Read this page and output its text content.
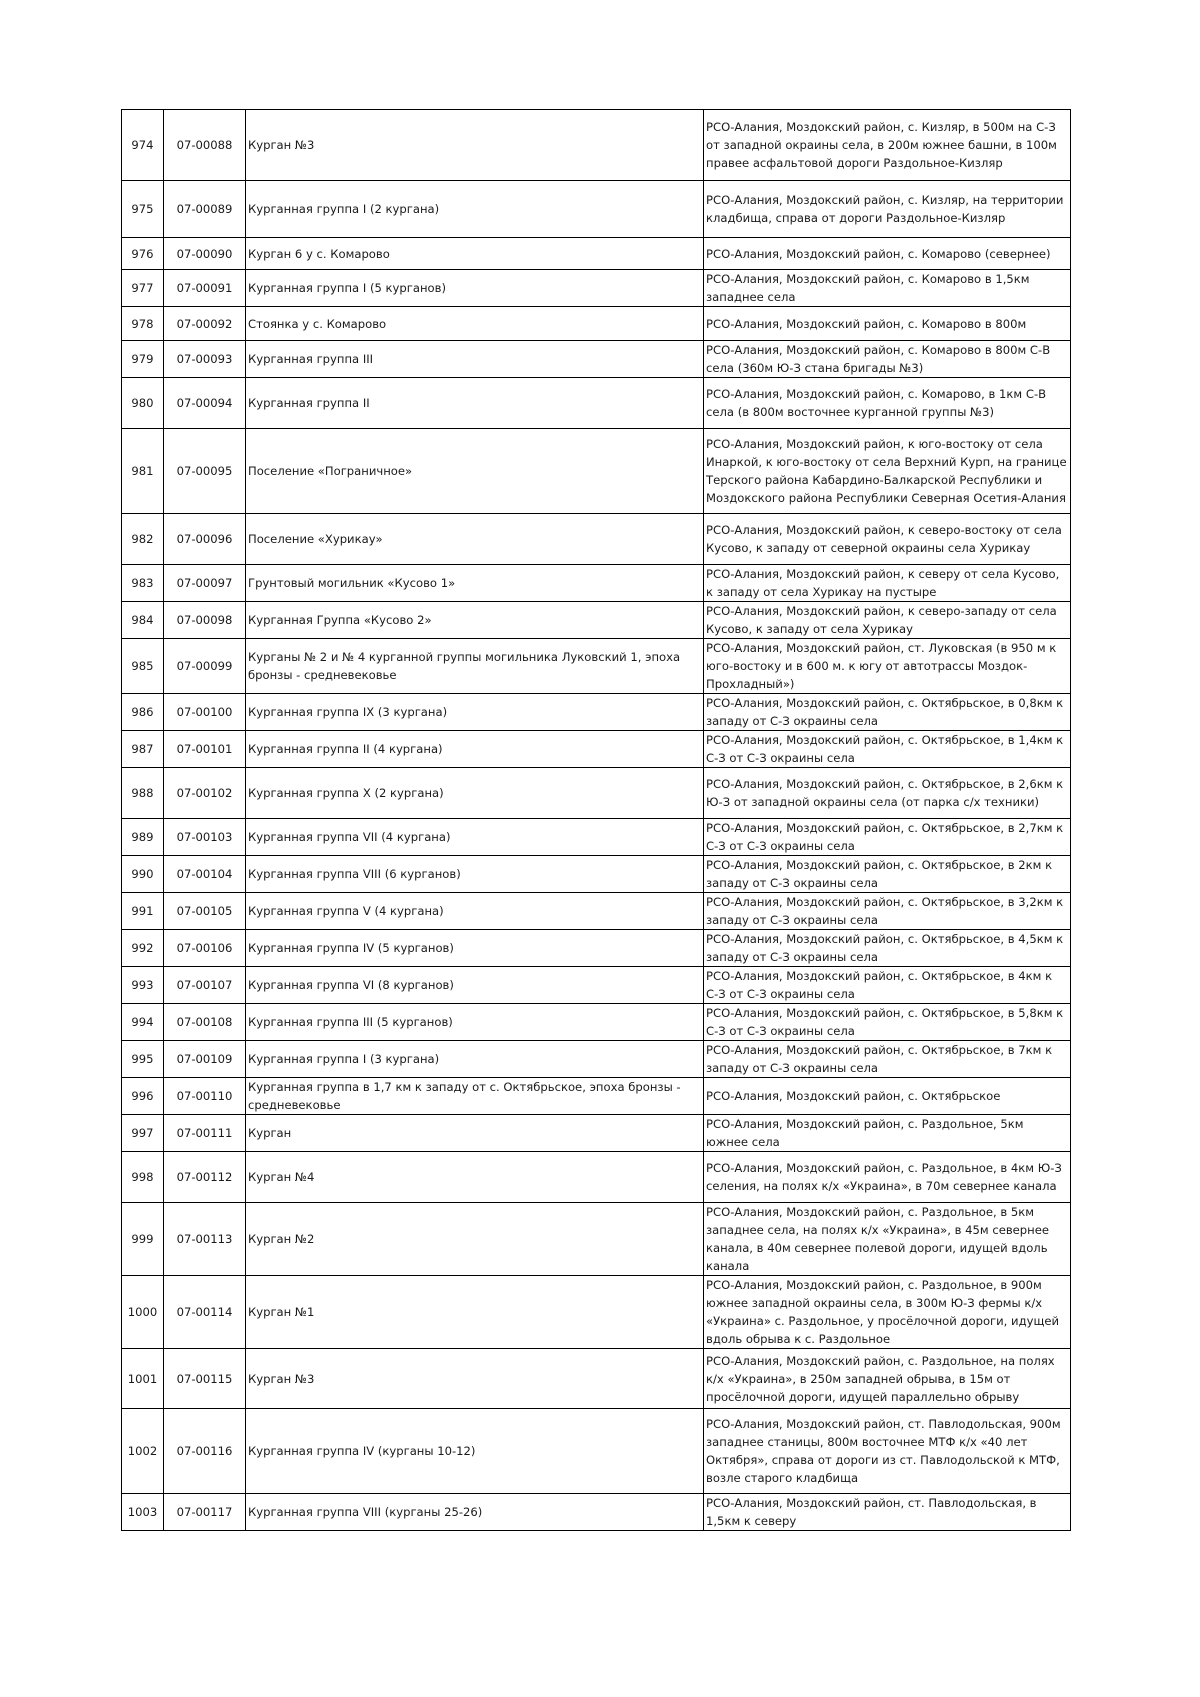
974	07-00088	Курган №3	РСО-Алания, Моздокский район, с. Кизляр, в 500м на С-З от западной окраины села, в 200м южнее башни, в 100м правее асфальтовой дороги Раздольное-Кизляр
975	07-00089	Курганная группа I (2 кургана)	РСО-Алания, Моздокский район, с. Кизляр, на территории кладбища, справа от дороги Раздольное-Кизляр
976	07-00090	Курган 6 у с. Комарово	РСО-Алания, Моздокский район, с. Комарово (севернее)
977	07-00091	Курганная группа I (5 курганов)	РСО-Алания, Моздокский район, с. Комарово в 1,5км западнее села
978	07-00092	Стоянка у с. Комарово	РСО-Алания, Моздокский район, с. Комарово в 800м
979	07-00093	Курганная группа III	РСО-Алания, Моздокский район, с. Комарово в 800м С-В села (360м Ю-З стана бригады №3)
980	07-00094	Курганная группа II	РСО-Алания, Моздокский район, с. Комарово, в 1км С-В села (в 800м восточнее курганной группы №3)
981	07-00095	Поселение «Пограничное»	РСО-Алания, Моздокский район, к юго-востоку от села Инаркой, к юго-востоку от села Верхний Курп, на границе Терского района Кабардино-Балкарской Республики и Моздокского района Республики Северная Осетия-Алания
982	07-00096	Поселение «Хурикау»	РСО-Алания, Моздокский район, к северо-востоку от села Кусово, к западу от северной окраины села Хурикау
983	07-00097	Грунтовый могильник «Кусово 1»	РСО-Алания, Моздокский район, к северу от села Кусово, к западу от села Хурикау на пустыре
984	07-00098	Курганная Группа «Кусово 2»	РСО-Алания, Моздокский район, к северо-западу от села Кусово, к западу от села Хурикау
985	07-00099	Курганы № 2 и № 4 курганной группы могильника Луковский 1, эпоха бронзы - средневековье	РСО-Алания, Моздокский район, ст. Луковская (в 950 м к юго-востоку и в 600 м. к югу от автотрассы Моздок-Прохладный»)
986	07-00100	Курганная группа IX (3 кургана)	РСО-Алания, Моздокский район, с. Октябрьское, в 0,8км к западу от С-З окраины села
987	07-00101	Курганная группа II (4 кургана)	РСО-Алания, Моздокский район, с. Октябрьское, в 1,4км к С-З от С-З окраины села
988	07-00102	Курганная группа X (2 кургана)	РСО-Алания, Моздокский район, с. Октябрьское, в 2,6км к Ю-З от западной окраины села (от парка с/х техники)
989	07-00103	Курганная группа VII (4 кургана)	РСО-Алания, Моздокский район, с. Октябрьское, в 2,7км к С-З от С-З окраины села
990	07-00104	Курганная группа VIII (6 курганов)	РСО-Алания, Моздокский район, с. Октябрьское, в 2км к западу от С-З окраины села
991	07-00105	Курганная группа V (4 кургана)	РСО-Алания, Моздокский район, с. Октябрьское, в 3,2км к западу от С-З окраины села
992	07-00106	Курганная группа IV (5 курганов)	РСО-Алания, Моздокский район, с. Октябрьское, в 4,5км к западу от С-З окраины села
993	07-00107	Курганная группа VI (8 курганов)	РСО-Алания, Моздокский район, с. Октябрьское, в 4км к С-З от С-З окраины села
994	07-00108	Курганная группа III (5 курганов)	РСО-Алания, Моздокский район, с. Октябрьское, в 5,8км к С-З от С-З окраины села
995	07-00109	Курганная группа I (3 кургана)	РСО-Алания, Моздокский район, с. Октябрьское, в 7км к западу от С-З окраины села
996	07-00110	Курганная группа в 1,7 км к западу от с. Октябрьское, эпоха бронзы - средневековье	РСО-Алания, Моздокский район, с. Октябрьское
997	07-00111	Курган	РСО-Алания, Моздокский район, с. Раздольное, 5км южнее села
998	07-00112	Курган №4	РСО-Алания, Моздокский район, с. Раздольное, в 4км Ю-З селения, на полях к/х «Украина», в 70м севернее канала
999	07-00113	Курган №2	РСО-Алания, Моздокский район, с. Раздольное, в 5км западнее села, на полях к/х «Украина», в 45м севернее канала, в 40м севернее полевой дороги, идущей вдоль канала
1000	07-00114	Курган №1	РСО-Алания, Моздокский район, с. Раздольное, в 900м южнее западной окраины села, в 300м Ю-З фермы к/х «Украина» с. Раздольное, у просёлочной дороги, идущей вдоль обрыва к с. Раздольное
1001	07-00115	Курган №3	РСО-Алания, Моздокский район, с. Раздольное, на полях к/х «Украина», в 250м западней обрыва, в 15м от просёлочной дороги, идущей параллельно обрыву
1002	07-00116	Курганная группа IV (курганы 10-12)	РСО-Алания, Моздокский район, ст. Павлодольская, 900м западнее станицы, 800м восточнее МТФ к/х «40 лет Октября», справа от дороги из ст. Павлодольской к МТФ, возле старого кладбища
1003	07-00117	Курганная группа VIII (курганы 25-26)	РСО-Алания, Моздокский район, ст. Павлодольская, в 1,5км к северу
